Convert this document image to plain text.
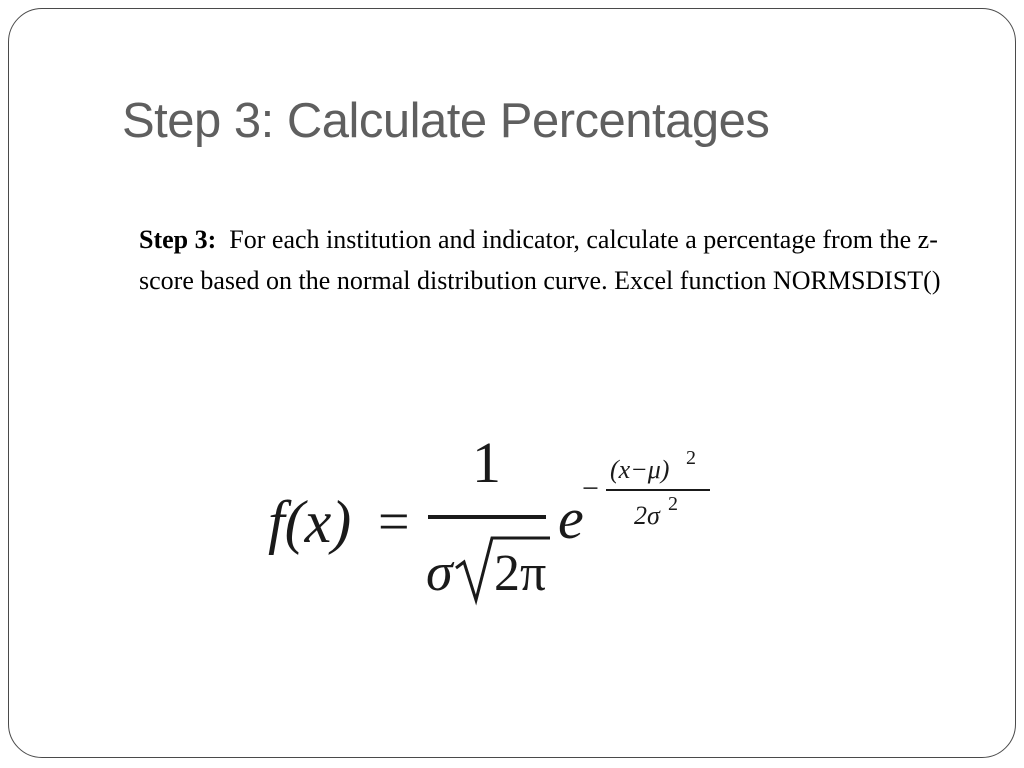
Step 3: Calculate Percentages

Step 3: For each institution and indicator, calculate a percentage from the z-score based on the normal distribution curve. Excel function NORMSDIST()

f(x) =
1
σ 2π
e
−
(x−μ) 2
2σ 2
